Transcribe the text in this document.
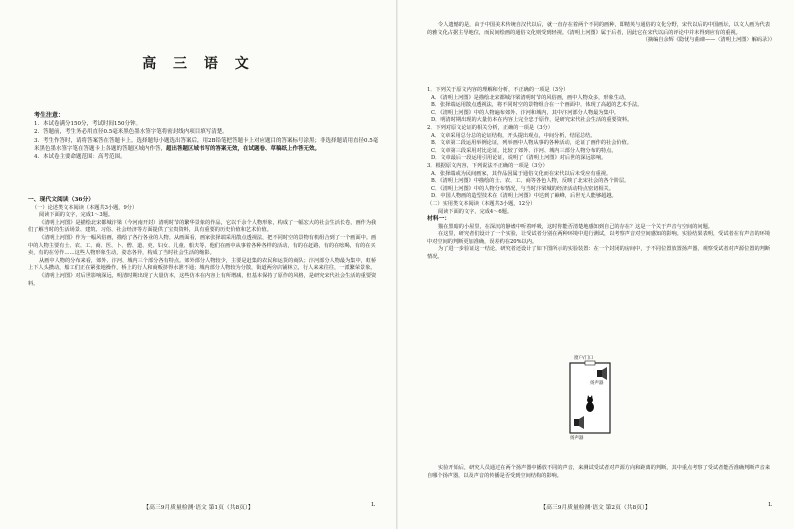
高 三 语 文
考生注意：
1．本试卷满分150分，考试时间150分钟。
2．答题前，考生务必用直径0.5毫米黑色墨水签字笔将密封线内项目填写清楚。
3．考生作答时，请将答案答在答题卡上。选择题每小题选出答案后，用2B铅笔把答题卡上对应题目的答案标号涂黑；非选择题请用直径0.5毫米黑色墨水签字笔在答题卡上各题的答题区域内作答，超出答题区域书写的答案无效，在试题卷、草稿纸上作答无效。
4．本试卷主要命题范围：高考范围。
一、现代文阅读（36分）
（一）论述类文本阅读（本题共3小题，9分）
阅读下面的文字，完成1～3题。

《清明上河图》是描绘北宋都城汴梁（今河南开封）清明时节的繁华景象的作品，它以千余个人物形象，构成了一幅宏大的社会生活长卷，画作为我们了解当时的生活场景、建筑、习俗、社会经济等方面提供了宝贵资料，具有重要的历史价值和艺术价值。

《清明上河图》作为一幅风俗画，描绘了各行各业的人物。从画面看，画家张择端采用散点透视法，把不同时空的景物有机组合到了一个画面中。画中的人物主要有士、农、工、商、医、卜、僧、道、吏、妇女、儿童、船夫等，他们在画中从事着各种各样的活动，有的在赶路，有的在吆喝，有的在买卖，有的在劳作……这些人物形象生动，姿态各异，构成了当时社会生活的缩影。

从画中人物的分布来看，郊外、汴河、城内三个部分各有特点。郊外部分人物较少，主要是赶集的农民和运货的商队；汴河部分人物最为集中，虹桥上下人头攒动，船工们正在紧张地操作，桥上的行人和商贩挤得水泄不通；城内部分人物较为分散，街道两旁店铺林立，行人来来往往，一派繁荣景象。

《清明上河图》对后世影响深远，明清时期出现了大量仿本，这些仿本在内容上有所增减，但基本保持了原作的风格，是研究宋代社会生活的重要资料。

【高三9月质量检测·语文 第1页（共8页）】	L

令人遗憾的是，由于中国美术传统自汉代以后，就一直存在着两个不同的画种，即精英与通俗的文化分野，宋代以后的中国画坛，以文人画为代表的雅文化占据主导地位，而民间绘画的通俗文化则受到轻视。《清明上河图》属于后者，因此它在宋代以后的评论中并未得到应有的重视。

（摘编自余辉《隐忧与曲谏——〈清明上河图〉解码录》）
1．下列关于原文内容的理解和分析，不正确的一项是（3分）
A．《清明上河图》是描绘北宋都城汴梁清明时节的风俗画，画中人物众多，形象生动。
B．张择端运用散点透视法，将不同时空的景物组合在一个画面中，体现了高超的艺术手法。
C．《清明上河图》中的人物遍布郊外、汴河和城内，其中汴河部分人物最为集中。
D．明清时期出现的大量仿本在内容上完全忠于原作，是研究宋代社会生活的重要资料。
2．下列对原文论证的相关分析，正确的一项是（3分）
A．文章采用总分总的论证结构，开头提出观点，中间分析，结尾总结。
B．文章第二段运用举例论证，列举画中人物从事的各种活动，论证了画作的社会价值。
C．文章第三段采用对比论证，比较了郊外、汴河、城内三部分人物分布的特点。
D．文章最后一段运用引用论证，说明了《清明上河图》对后世的深远影响。
3．根据原文内容，下列说法不正确的一项是（3分）
A．张择端或为民间画家，其作品因属于通俗文化而在宋代以后未受应有重视。
B．《清明上河图》中描绘的士、农、工、商等各色人物，反映了北宋社会的各个阶层。
C．《清明上河图》中的人物分布情况，与当时汴梁城的经济活动特点密切相关。
D．中国人物画的造型技术在《清明上河图》中达到了巅峰，后世无人能够超越。
（二）实用类文本阅读（本题共3小题，12分）
阅读下面的文字，完成4～6题。
材料一：

猫在黑暗的小屋里，在深沉的静谧中听着呼吸，这时你能否清楚地感知到自己的存在？这是一个关于声音与空间的问题。

在这里，研究者们设计了一个实验，让受试者分别在两种环境中进行测试，以考察声音对空间感知的影响。实验结果表明，受试者在有声音的环境中对空间的判断更加准确，误差约在20%以内。

为了进一步验证这一结论，研究者还设计了如下图所示的实验装置：在一个封闭的房间中，于不同位置放置扬声器，观察受试者对声源位置的判断情况。

实验开始后，研究人员通过在两个扬声器中播放不同的声音，来测试受试者对声源方向和距离的判断，其中重点考察了受试者能否准确判断声音来自哪个扬声器，以及声音的传播是否受到空间结构的影响。

【高三9月质量检测·语文 第2页（共8页）】	L
窗户/门口
扬声器
扬声器
